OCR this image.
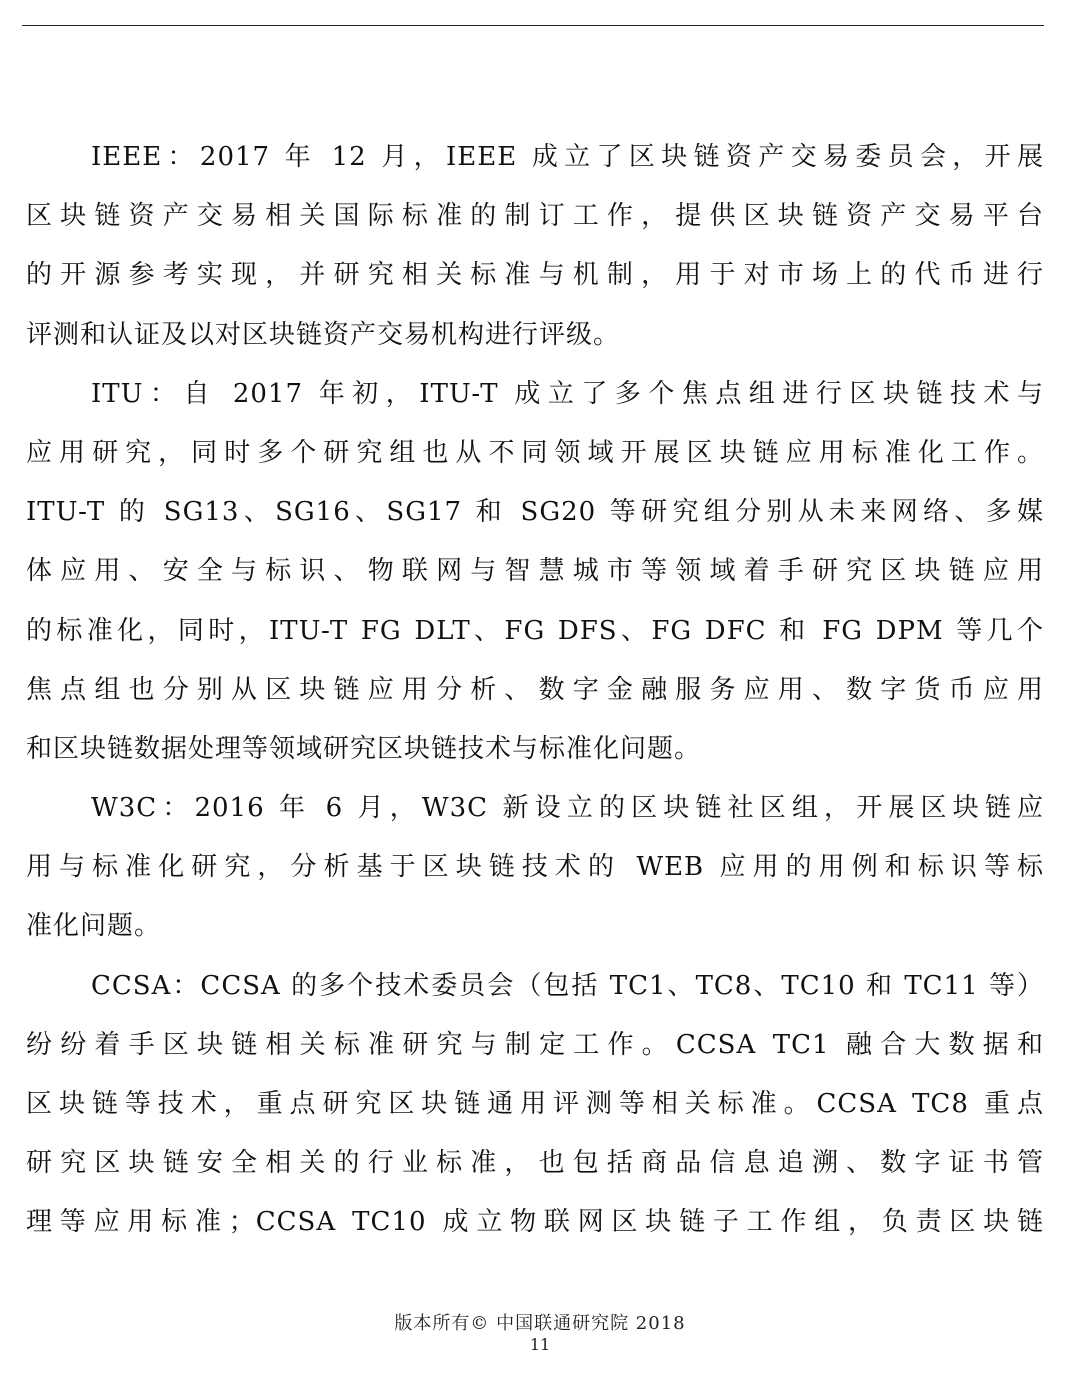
IEEE：2017 年 12 月，IEEE 成立了区块链资产交易委员会，开展
区块链资产交易相关国际标准的制订工作，提供区块链资产交易平台
的开源参考实现，并研究相关标准与机制，用于对市场上的代币进行
评测和认证及以对区块链资产交易机构进行评级。
ITU：自 2017 年初，ITU-T 成立了多个焦点组进行区块链技术与
应用研究，同时多个研究组也从不同领域开展区块链应用标准化工作。
ITU-T 的 SG13、SG16、SG17 和 SG20 等研究组分别从未来网络、多媒
体应用、安全与标识、物联网与智慧城市等领域着手研究区块链应用
的标准化，同时，ITU-T FG DLT、FG DFS、FG DFC 和 FG DPM 等几个
焦点组也分别从区块链应用分析、数字金融服务应用、数字货币应用
和区块链数据处理等领域研究区块链技术与标准化问题。
W3C：2016 年 6 月，W3C 新设立的区块链社区组，开展区块链应
用与标准化研究，分析基于区块链技术的 WEB 应用的用例和标识等标
准化问题。
CCSA：CCSA 的多个技术委员会（包括 TC1、TC8、TC10 和 TC11 等）
纷纷着手区块链相关标准研究与制定工作。CCSA TC1 融合大数据和
区块链等技术，重点研究区块链通用评测等相关标准。CCSA TC8 重点
研究区块链安全相关的行业标准，也包括商品信息追溯、数字证书管
理等应用标准；CCSA TC10 成立物联网区块链子工作组，负责区块链
版本所有© 中国联通研究院 2018
11
